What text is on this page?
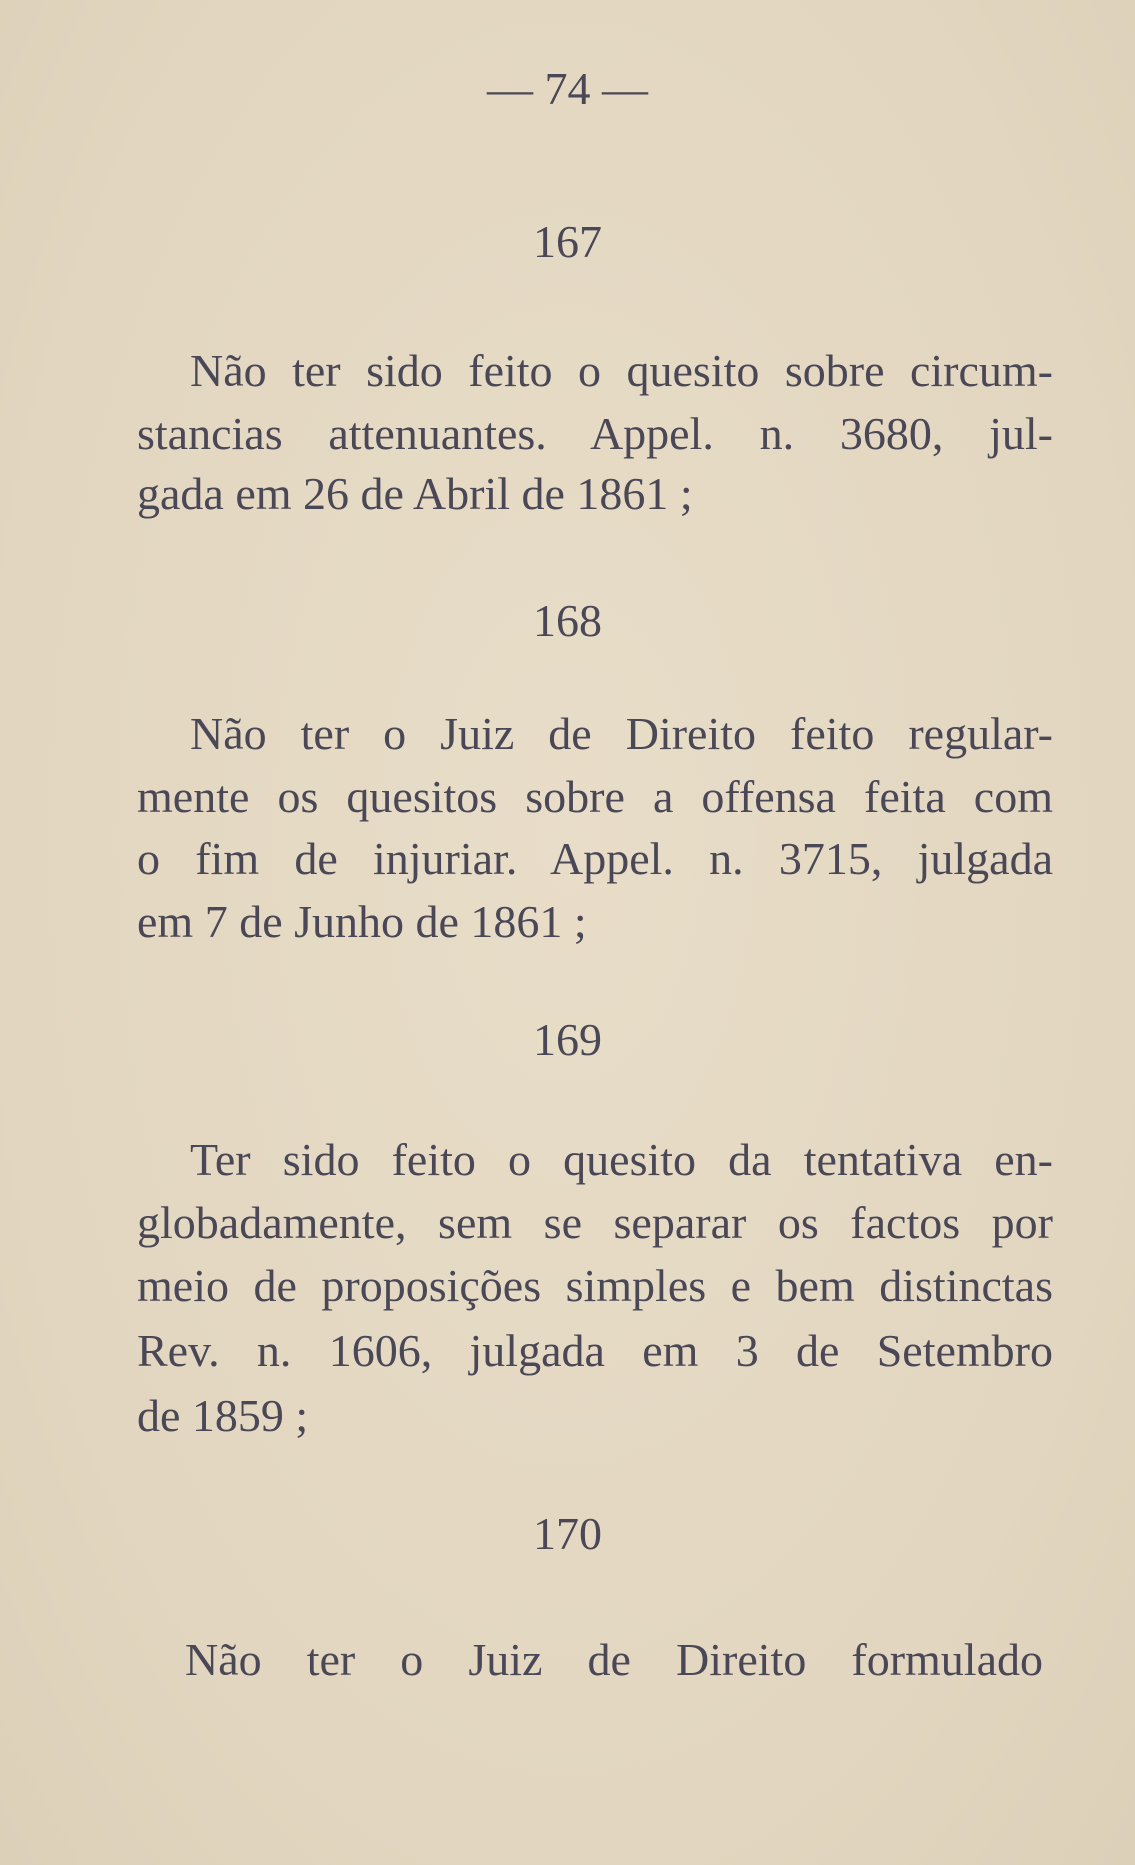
— 74 —
167
Não ter sido feito o quesito sobre circum-
stancias attenuantes. Appel. n. 3680, jul-
gada em 26 de Abril de 1861 ;
168
Não ter o Juiz de Direito feito regular-
mente os quesitos sobre a offensa feita com
o fim de injuriar. Appel. n. 3715, julgada
em 7 de Junho de 1861 ;
169
Ter sido feito o quesito da tentativa en-
globadamente, sem se separar os factos por
meio de proposições simples e bem distinctas
Rev. n. 1606, julgada em 3 de Setembro
de 1859 ;
170
Não ter o Juiz de Direito formulado
